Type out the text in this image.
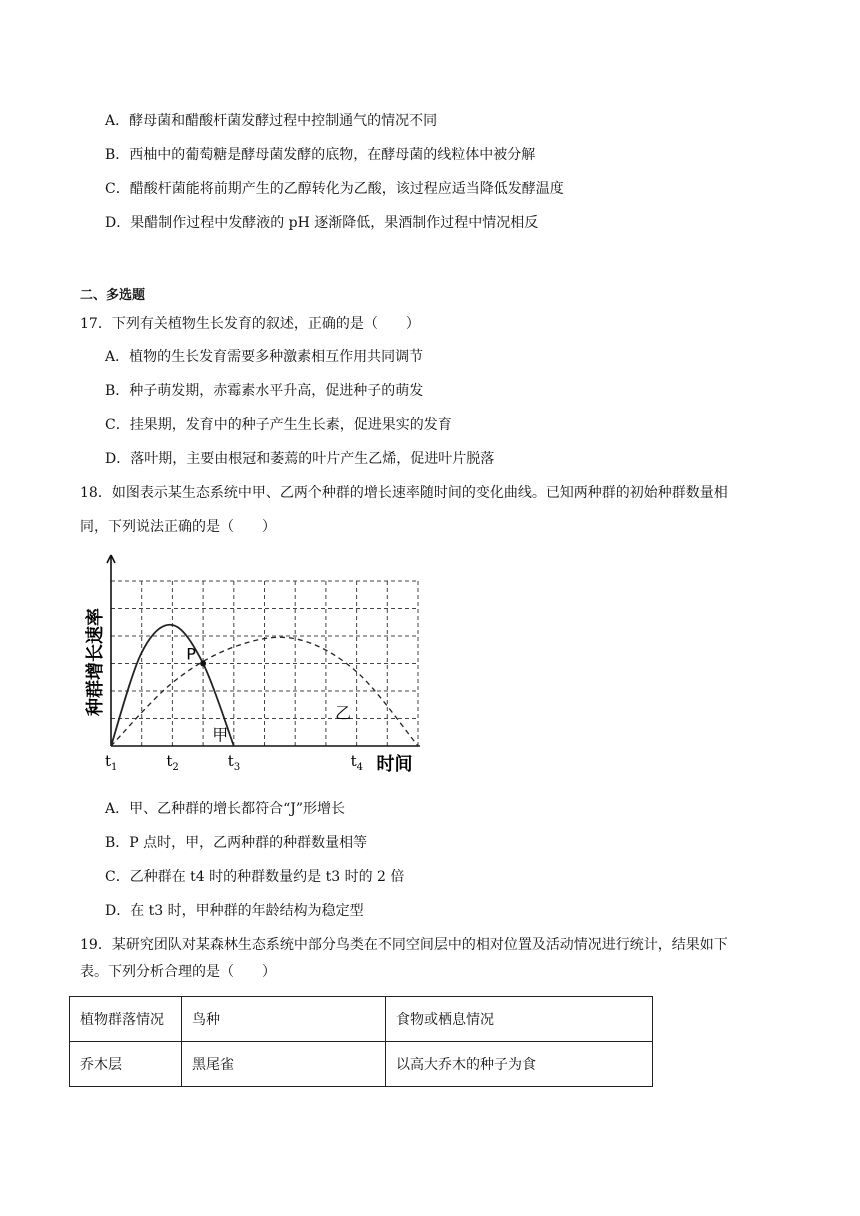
A．酵母菌和醋酸杆菌发酵过程中控制通气的情况不同
B．西柚中的葡萄糖是酵母菌发酵的底物，在酵母菌的线粒体中被分解
C．醋酸杆菌能将前期产生的乙醇转化为乙酸，该过程应适当降低发酵温度
D．果醋制作过程中发酵液的 pH 逐渐降低，果酒制作过程中情况相反
二、多选题
17．下列有关植物生长发育的叙述，正确的是（　　）
A．植物的生长发育需要多种激素相互作用共同调节
B．种子萌发期，赤霉素水平升高，促进种子的萌发
C．挂果期，发育中的种子产生生长素，促进果实的发育
D．落叶期，主要由根冠和萎蔫的叶片产生乙烯，促进叶片脱落
18．如图表示某生态系统中甲、乙两个种群的增长速率随时间的变化曲线。已知两种群的初始种群数量相
同，下列说法正确的是（　　）
P
甲
乙
$t_1$	$t_2$	$t_3$	$t_4$ 时间
种群增长速率
A．甲、乙种群的增长都符合“J”形增长
B．P 点时，甲，乙两种群的种群数量相等
C．乙种群在 t4 时的种群数量约是 t3 时的 2 倍
D．在 t3 时，甲种群的年龄结构为稳定型
19．某研究团队对某森林生态系统中部分鸟类在不同空间层中的相对位置及活动情况进行统计，结果如下
表。下列分析合理的是（　　）
植物群落情况	鸟种	食物或栖息情况
乔木层	黑尾雀	以高大乔木的种子为食
